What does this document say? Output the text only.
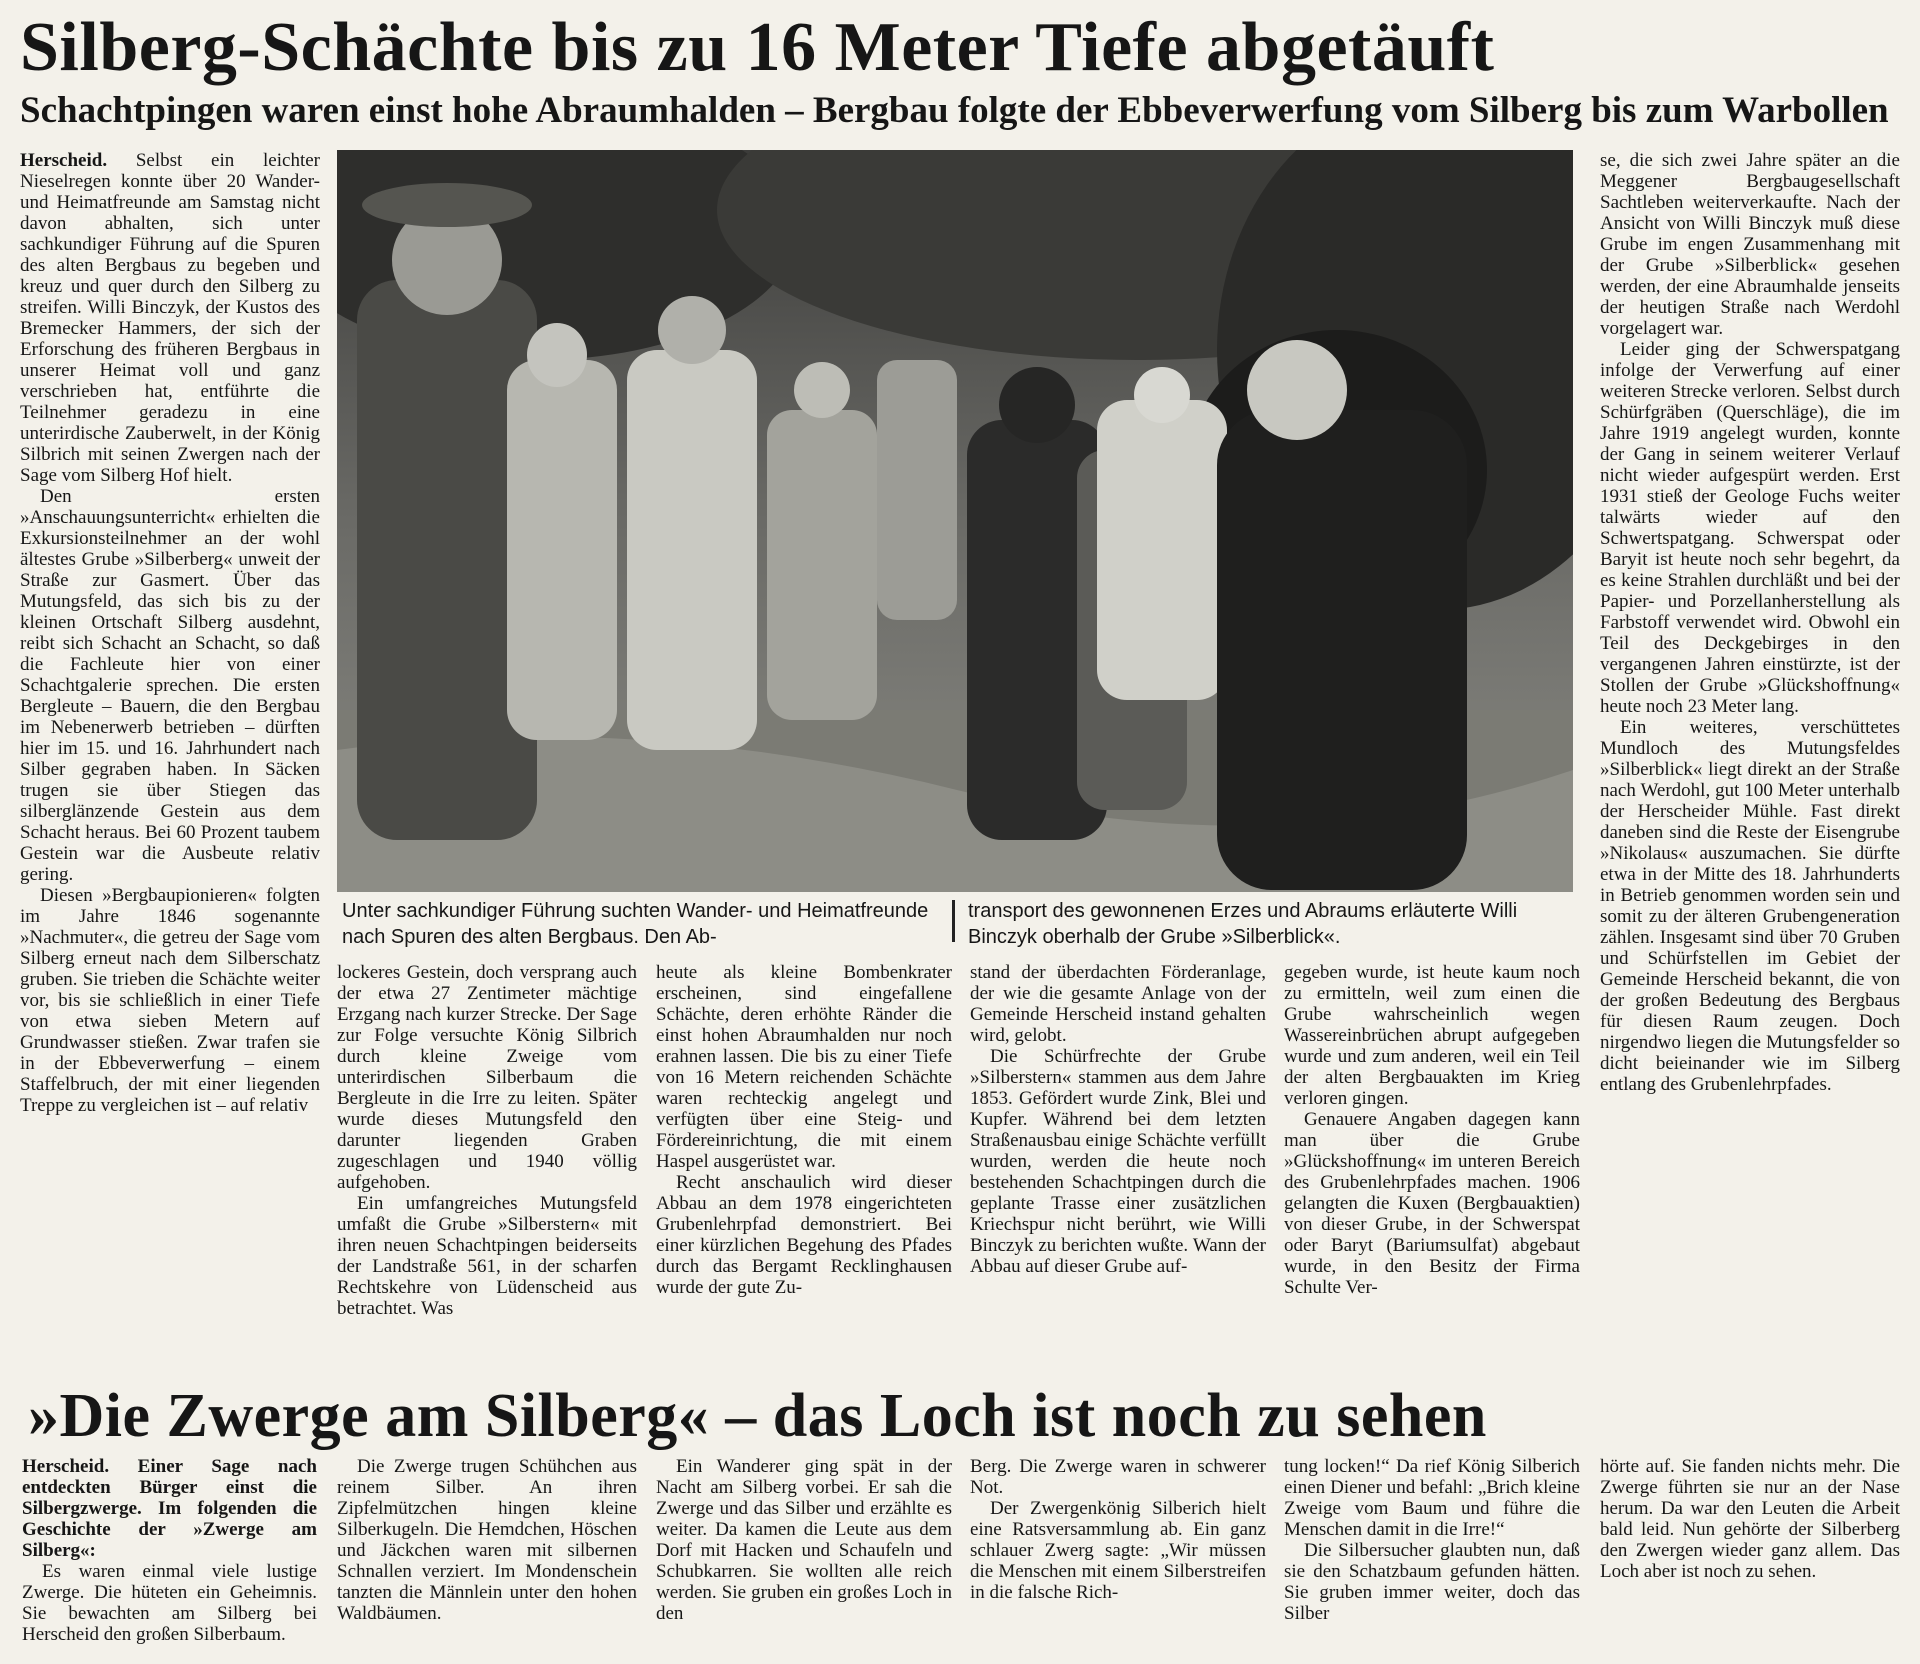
Silberg-Schächte bis zu 16 Meter Tiefe abgetäuft
Schachtpingen waren einst hohe Abraumhalden – Bergbau folgte der Ebbeverwerfung vom Silberg bis zum Warbollen

Herscheid. Selbst ein leichter Nieselregen konnte über 20 Wander- und Heimatfreunde am Samstag nicht davon abhalten, sich unter sachkundiger Führung auf die Spuren des alten Bergbaus zu begeben und kreuz und quer durch den Silberg zu streifen. Willi Binczyk, der Kustos des Bremecker Hammers, der sich der Erforschung des früheren Bergbaus in unserer Heimat voll und ganz verschrieben hat, entführte die Teilnehmer geradezu in eine unterirdische Zauberwelt, in der König Silbrich mit seinen Zwergen nach der Sage vom Silberg Hof hielt.

Den ersten »Anschauungsunterricht« erhielten die Exkursionsteilnehmer an der wohl ältestes Grube »Silberberg« unweit der Straße zur Gasmert. Über das Mutungsfeld, das sich bis zu der kleinen Ortschaft Silberg ausdehnt, reibt sich Schacht an Schacht, so daß die Fachleute hier von einer Schachtgalerie sprechen. Die ersten Bergleute – Bauern, die den Bergbau im Nebenerwerb betrieben – dürften hier im 15. und 16. Jahrhundert nach Silber gegraben haben. In Säcken trugen sie über Stiegen das silberglänzende Gestein aus dem Schacht heraus. Bei 60 Prozent taubem Gestein war die Ausbeute relativ gering.

Diesen »Bergbaupionieren« folgten im Jahre 1846 sogenannte »Nachmuter«, die getreu der Sage vom Silberg erneut nach dem Silberschatz gruben. Sie trieben die Schächte weiter vor, bis sie schließlich in einer Tiefe von etwa sieben Metern auf Grundwasser stießen. Zwar trafen sie in der Ebbeverwerfung – einem Staffelbruch, der mit einer liegenden Treppe zu vergleichen ist – auf relativ

Unter sachkundiger Führung suchten Wander- und Heimatfreunde nach Spuren des alten Bergbaus. Den Ab-

transport des gewonnenen Erzes und Abraums erläuterte Willi Binczyk oberhalb der Grube »Silberblick«.

lockeres Gestein, doch versprang auch der etwa 27 Zentimeter mächtige Erzgang nach kurzer Strecke. Der Sage zur Folge versuchte König Silbrich durch kleine Zweige vom unterirdischen Silberbaum die Bergleute in die Irre zu leiten. Später wurde dieses Mutungsfeld den darunter liegenden Graben zugeschlagen und 1940 völlig aufgehoben.

Ein umfangreiches Mutungsfeld umfaßt die Grube »Silberstern« mit ihren neuen Schachtpingen beiderseits der Landstraße 561, in der scharfen Rechtskehre von Lüdenscheid aus betrachtet. Was

heute als kleine Bombenkrater erscheinen, sind eingefallene Schächte, deren erhöhte Ränder die einst hohen Abraumhalden nur noch erahnen lassen. Die bis zu einer Tiefe von 16 Metern reichenden Schächte waren rechteckig angelegt und verfügten über eine Steig- und Fördereinrichtung, die mit einem Haspel ausgerüstet war.

Recht anschaulich wird dieser Abbau an dem 1978 eingerichteten Grubenlehrpfad demonstriert. Bei einer kürzlichen Begehung des Pfades durch das Bergamt Recklinghausen wurde der gute Zu-

stand der überdachten Förderanlage, der wie die gesamte Anlage von der Gemeinde Herscheid instand gehalten wird, gelobt.

Die Schürfrechte der Grube »Silberstern« stammen aus dem Jahre 1853. Gefördert wurde Zink, Blei und Kupfer. Während bei dem letzten Straßenausbau einige Schächte verfüllt wurden, werden die heute noch bestehenden Schachtpingen durch die geplante Trasse einer zusätzlichen Kriechspur nicht berührt, wie Willi Binczyk zu berichten wußte. Wann der Abbau auf dieser Grube auf-

gegeben wurde, ist heute kaum noch zu ermitteln, weil zum einen die Grube wahrscheinlich wegen Wassereinbrüchen abrupt aufgegeben wurde und zum anderen, weil ein Teil der alten Bergbauakten im Krieg verloren gingen.

Genauere Angaben dagegen kann man über die Grube »Glückshoffnung« im unteren Bereich des Grubenlehrpfades machen. 1906 gelangten die Kuxen (Bergbauaktien) von dieser Grube, in der Schwerspat oder Baryt (Bariumsulfat) abgebaut wurde, in den Besitz der Firma Schulte Ver-

se, die sich zwei Jahre später an die Meggener Bergbaugesellschaft Sachtleben weiterverkaufte. Nach der Ansicht von Willi Binczyk muß diese Grube im engen Zusammenhang mit der Grube »Silberblick« gesehen werden, der eine Abraumhalde jenseits der heutigen Straße nach Werdohl vorgelagert war.

Leider ging der Schwerspatgang infolge der Verwerfung auf einer weiteren Strecke verloren. Selbst durch Schürfgräben (Querschläge), die im Jahre 1919 angelegt wurden, konnte der Gang in seinem weiterer Verlauf nicht wieder aufgespürt werden. Erst 1931 stieß der Geologe Fuchs weiter talwärts wieder auf den Schwertspatgang. Schwerspat oder Baryit ist heute noch sehr begehrt, da es keine Strahlen durchläßt und bei der Papier- und Porzellanherstellung als Farbstoff verwendet wird. Obwohl ein Teil des Deckgebirges in den vergangenen Jahren einstürzte, ist der Stollen der Grube »Glückshoffnung« heute noch 23 Meter lang.

Ein weiteres, verschüttetes Mundloch des Mutungsfeldes »Silberblick« liegt direkt an der Straße nach Werdohl, gut 100 Meter unterhalb der Herscheider Mühle. Fast direkt daneben sind die Reste der Eisengrube »Nikolaus« auszumachen. Sie dürfte etwa in der Mitte des 18. Jahrhunderts in Betrieb genommen worden sein und somit zu der älteren Grubengeneration zählen. Insgesamt sind über 70 Gruben und Schürfstellen im Gebiet der Gemeinde Herscheid bekannt, die von der großen Bedeutung des Bergbaus für diesen Raum zeugen. Doch nirgendwo liegen die Mutungsfelder so dicht beieinander wie im Silberg entlang des Grubenlehrpfades.

»Die Zwerge am Silberg« – das Loch ist noch zu sehen

Herscheid. Einer Sage nach entdeckten Bürger einst die Silbergzwerge. Im folgenden die Geschichte der »Zwerge am Silberg«:

Es waren einmal viele lustige Zwerge. Die hüteten ein Geheimnis. Sie bewachten am Silberg bei Herscheid den großen Silberbaum.

Die Zwerge trugen Schühchen aus reinem Silber. An ihren Zipfelmützchen hingen kleine Silberkugeln. Die Hemdchen, Höschen und Jäckchen waren mit silbernen Schnallen verziert. Im Mondenschein tanzten die Männlein unter den hohen Waldbäumen.

Ein Wanderer ging spät in der Nacht am Silberg vorbei. Er sah die Zwerge und das Silber und erzählte es weiter. Da kamen die Leute aus dem Dorf mit Hacken und Schaufeln und Schubkarren. Sie wollten alle reich werden. Sie gruben ein großes Loch in den

Berg. Die Zwerge waren in schwerer Not.

Der Zwergenkönig Silberich hielt eine Ratsversammlung ab. Ein ganz schlauer Zwerg sagte: „Wir müssen die Menschen mit einem Silberstreifen in die falsche Rich-

tung locken!“ Da rief König Silberich einen Diener und befahl: „Brich kleine Zweige vom Baum und führe die Menschen damit in die Irre!“

Die Silbersucher glaubten nun, daß sie den Schatzbaum gefunden hätten. Sie gruben immer weiter, doch das Silber

hörte auf. Sie fanden nichts mehr. Die Zwerge führten sie nur an der Nase herum. Da war den Leuten die Arbeit bald leid. Nun gehörte der Silberberg den Zwergen wieder ganz allem. Das Loch aber ist noch zu sehen.
